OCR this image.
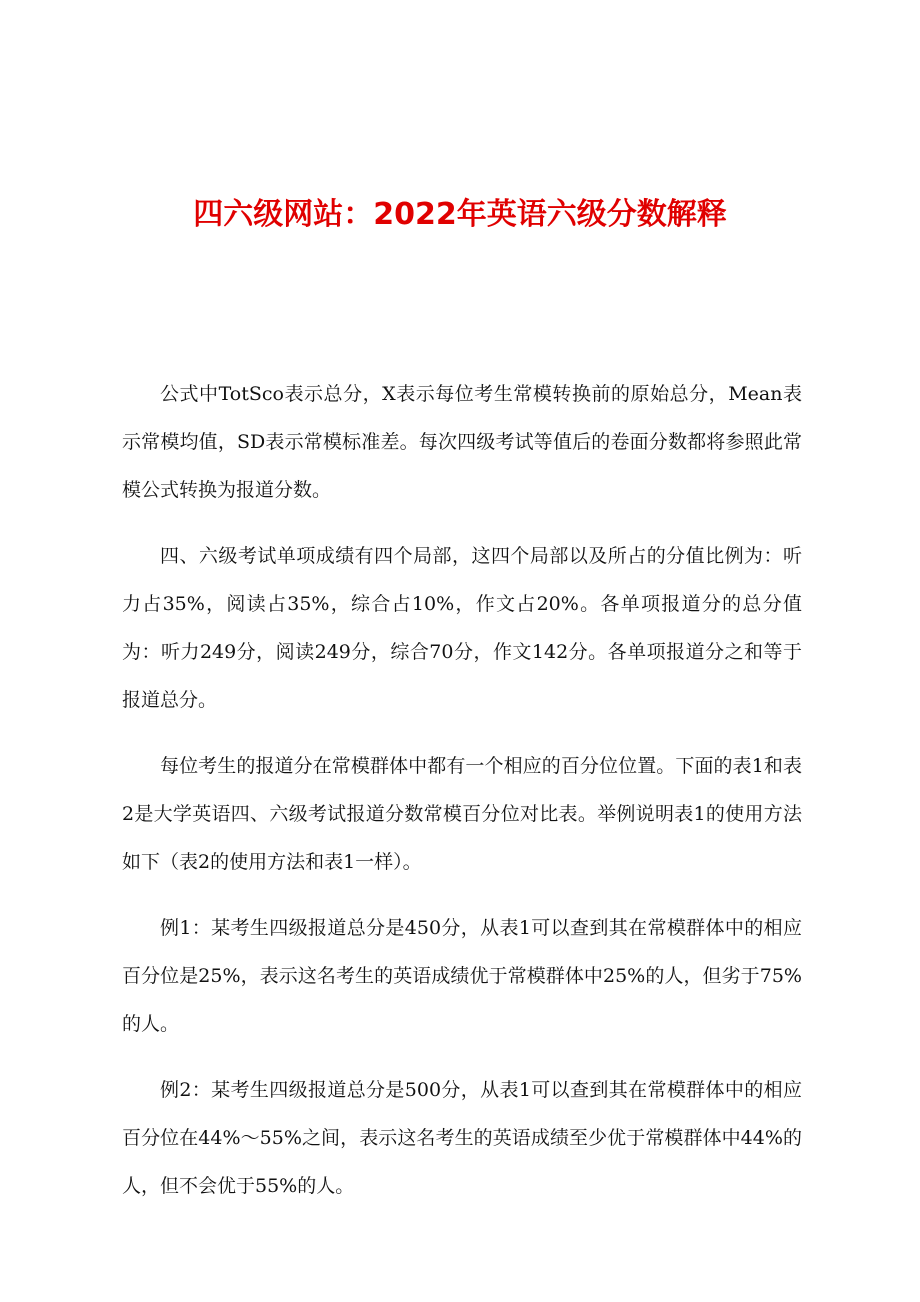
四六级网站：2022年英语六级分数解释

公式中TotSco表示总分，X表示每位考生常模转换前的原始总分，Mean表示常模均值，SD表示常模标准差。每次四级考试等值后的卷面分数都将参照此常模公式转换为报道分数。

四、六级考试单项成绩有四个局部，这四个局部以及所占的分值比例为：听力占35%，阅读占35%，综合占10%，作文占20%。各单项报道分的总分值为：听力249分，阅读249分，综合70分，作文142分。各单项报道分之和等于报道总分。

每位考生的报道分在常模群体中都有一个相应的百分位位置。下面的表1和表2是大学英语四、六级考试报道分数常模百分位对比表。举例说明表1的使用方法如下（表2的使用方法和表1一样）。

例1：某考生四级报道总分是450分，从表1可以查到其在常模群体中的相应百分位是25%，表示这名考生的英语成绩优于常模群体中25%的人，但劣于75%的人。

例2：某考生四级报道总分是500分，从表1可以查到其在常模群体中的相应百分位在44%～55%之间，表示这名考生的英语成绩至少优于常模群体中44%的人，但不会优于55%的人。
